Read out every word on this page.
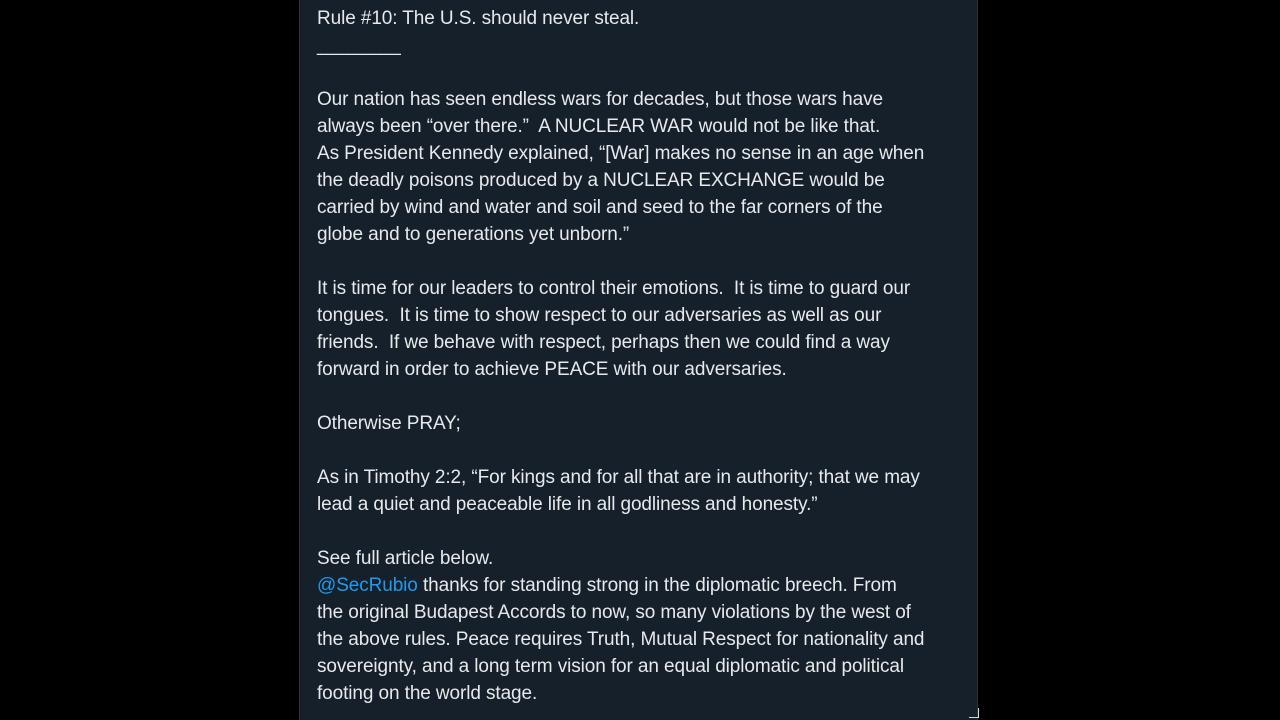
Rule #10: The U.S. should never steal.
________
Our nation has seen endless wars for decades, but those wars have
always been “over there.”  A NUCLEAR WAR would not be like that.
As President Kennedy explained, “[War] makes no sense in an age when
the deadly poisons produced by a NUCLEAR EXCHANGE would be
carried by wind and water and soil and seed to the far corners of the
globe and to generations yet unborn.”
It is time for our leaders to control their emotions.  It is time to guard our
tongues.  It is time to show respect to our adversaries as well as our
friends.  If we behave with respect, perhaps then we could find a way
forward in order to achieve PEACE with our adversaries.
Otherwise PRAY;
As in Timothy 2:2, “For kings and for all that are in authority; that we may
lead a quiet and peaceable life in all godliness and honesty.”
See full article below.
@SecRubio thanks for standing strong in the diplomatic breech. From
the original Budapest Accords to now, so many violations by the west of
the above rules. Peace requires Truth, Mutual Respect for nationality and
sovereignty, and a long term vision for an equal diplomatic and political
footing on the world stage.
